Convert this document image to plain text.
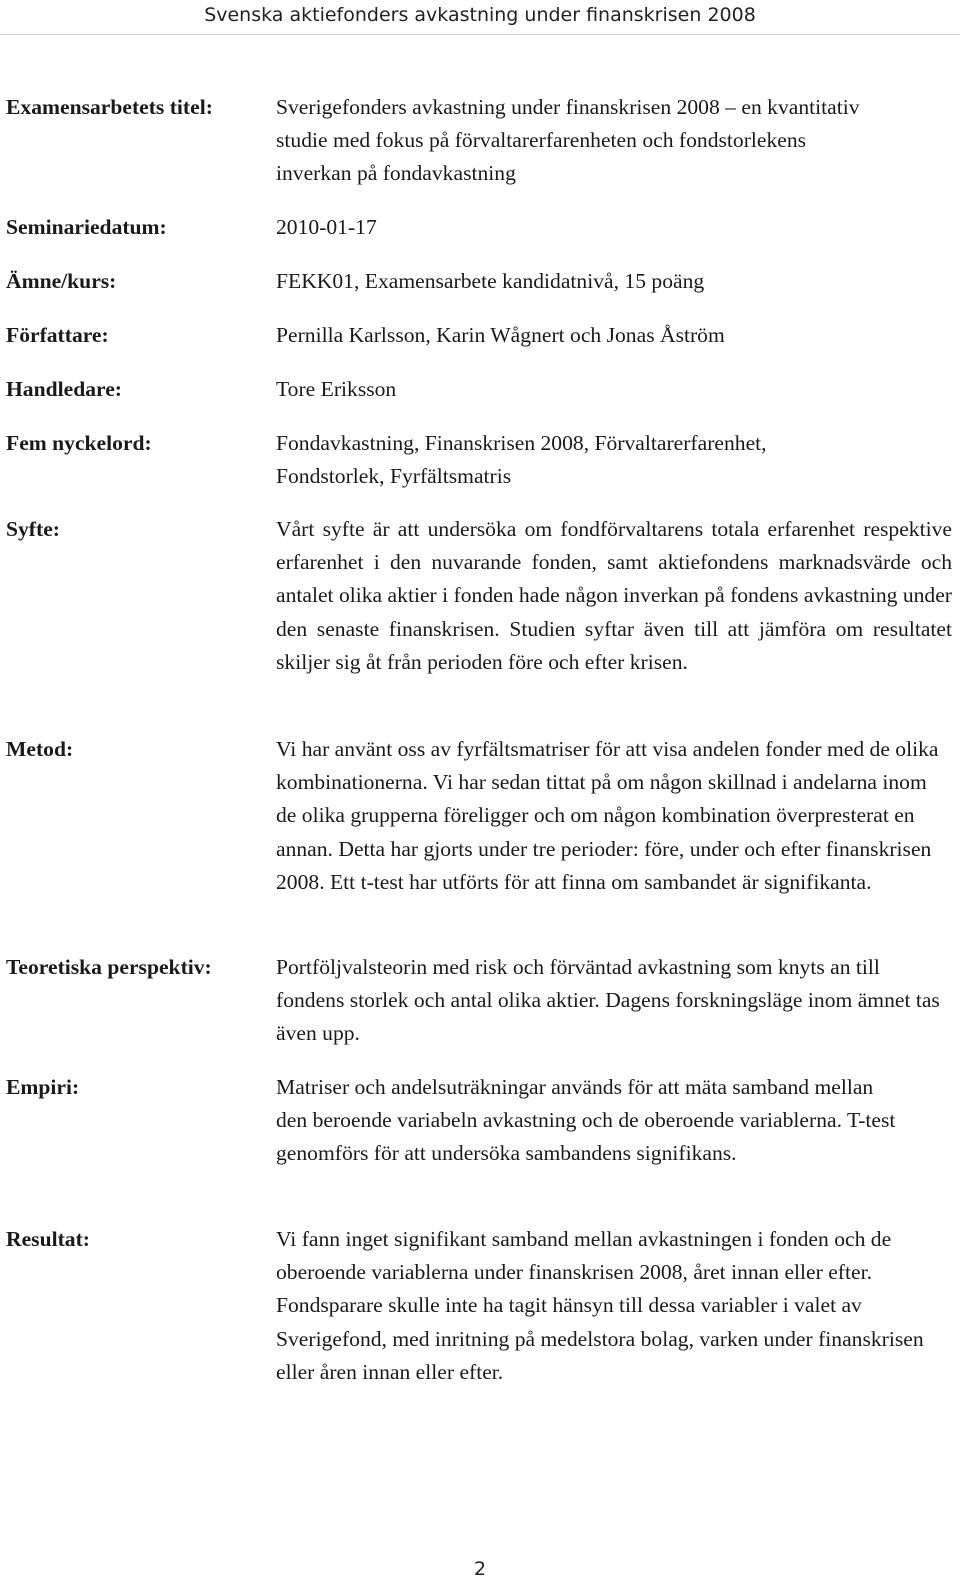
Svenska aktiefonders avkastning under finanskrisen 2008
Examensarbetets titel:	Sverigefonders avkastning under finanskrisen 2008 – en kvantitativ studie med fokus på förvaltarerfarenheten och fondstorlekens inverkan på fondavkastning
Seminariedatum:	2010-01-17
Ämne/kurs:	FEKK01, Examensarbete kandidatnivå, 15 poäng
Författare:	Pernilla Karlsson, Karin Wågnert och Jonas Åström
Handledare:	Tore Eriksson
Fem nyckelord:	Fondavkastning, Finanskrisen 2008, Förvaltarerfarenhet, Fondstorlek, Fyrfältsmatris
Syfte:	Vårt syfte är att undersöka om fondförvaltarens totala erfarenhet respektive erfarenhet i den nuvarande fonden, samt aktiefondens marknadsvärde och antalet olika aktier i fonden hade någon inverkan på fondens avkastning under den senaste finanskrisen. Studien syftar även till att jämföra om resultatet skiljer sig åt från perioden före och efter krisen.
Metod:	Vi har använt oss av fyrfältsmatriser för att visa andelen fonder med de olika kombinationerna. Vi har sedan tittat på om någon skillnad i andelarna inom de olika grupperna föreligger och om någon kombination överpresterat en annan. Detta har gjorts under tre perioder: före, under och efter finanskrisen 2008. Ett t-test har utförts för att finna om sambandet är signifikanta.
Teoretiska perspektiv:	Portföljvalsteorin med risk och förväntad avkastning som knyts an till fondens storlek och antal olika aktier. Dagens forskningsläge inom ämnet tas även upp.
Empiri:	Matriser och andelsuträkningar används för att mäta samband mellan den beroende variabeln avkastning och de oberoende variablerna. T-test genomförs för att undersöka sambandens signifikans.
Resultat:	Vi fann inget signifikant samband mellan avkastningen i fonden och de oberoende variablerna under finanskrisen 2008, året innan eller efter. Fondsparare skulle inte ha tagit hänsyn till dessa variabler i valet av Sverigefond, med inritning på medelstora bolag, varken under finanskrisen eller åren innan eller efter.
2
